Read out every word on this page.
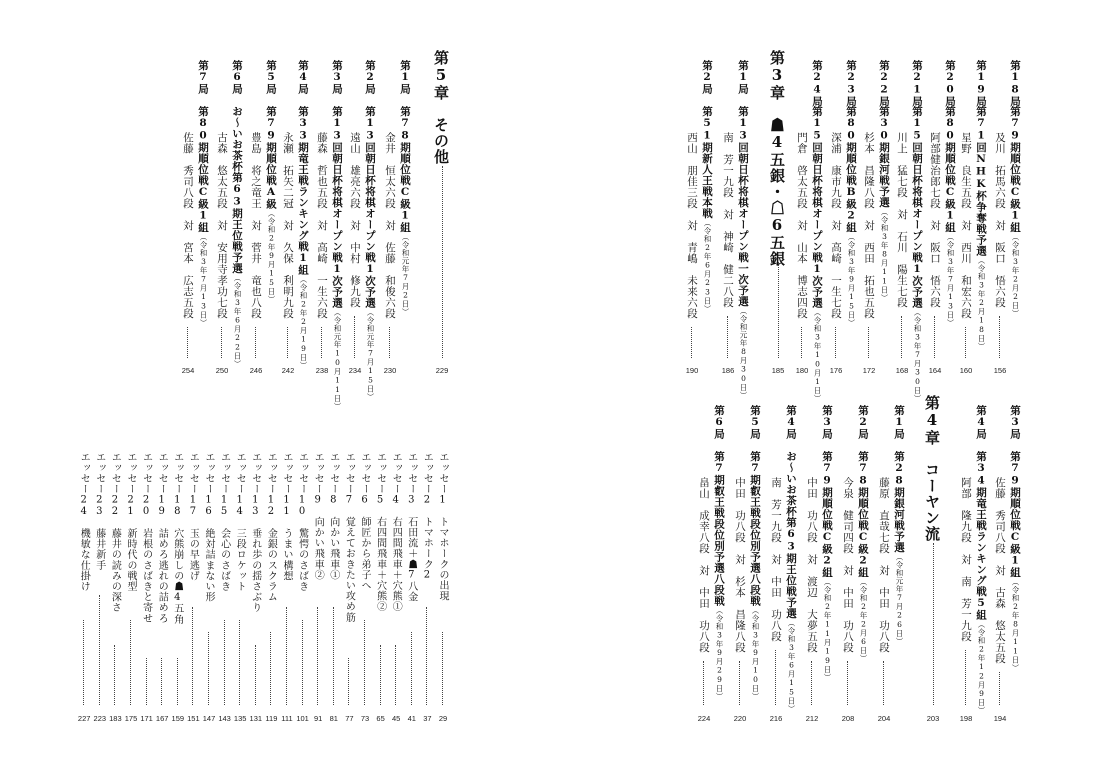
第18局
第79期順位戦C級1組（令和3年2月2日）
及川　拓馬六段　対　阪口　悟六段
156
第19局
第71回NHK杯争奪戦予選（令和3年2月18日）
星野　良生五段　対　西川　和宏六段
160
第20局
第80期順位戦C級1組（令和3年7月13日）
阿部健治郎七段　対　阪口　悟六段
164
第21局
第15回朝日杯将棋オープン戦1次予選（令和3年7月30日）
川上　猛七段　対　石川　陽生七段
168
第22局
第30期銀河戦予選（令和3年8月11日）
杉本　昌隆八段　対　西田　拓也五段
172
第23局
第80期順位戦B級2組（令和3年9月15日）
深浦　康市九段　対　高崎　一生七段
176
第24局
第15回朝日杯将棋オープン戦1次予選（令和3年10月1日）
門倉　啓太五段　対　山本　博志四段
180
第3章　☗4五銀・☖6五銀
185
第1局
第13回朝日杯将棋オープン戦一次予選（令和元年8月30日）
南　芳一九段　対　神崎　健二八段
186
第2局
第51期新人王戦本戦（令和2年6月23日）
西山　朋佳三段　対　青嶋　未来六段
190
第5章　その他
229
第1局
第78期順位戦C級1組（令和元年7月2日）
金井　恒太六段　対　佐藤　和俊六段
230
第2局
第13回朝日杯将棋オープン戦1次予選（令和元年7月15日）
遠山　雄亮六段　対　中村　修九段
234
第3局
第13回朝日杯将棋オープン戦1次予選（令和元年10月11日）
藤森　哲也五段　対　高崎　一生六段
238
第4局
第33期竜王戦ランキング戦1組（令和2年2月19日）
永瀬　拓矢二冠　対　久保　利明九段
242
第5局
第79期順位戦A級（令和2年9月15日）
豊島　将之竜王　対　菅井　竜也八段
246
第6局
お～いお茶杯第63期王位戦予選（令和3年6月22日）
古森　悠太五段　対　安用寺孝功七段
250
第7局
第80期順位戦C級1組（令和3年7月13日）
佐藤　秀司八段　対　宮本　広志五段
254
第3局
第79期順位戦C級1組（令和2年8月11日）
佐藤　秀司八段　対　古森　悠太五段
194
第4局
第34期竜王戦ランキング戦5組（令和2年12月9日）
阿部　隆九段　対　南　芳一九段
198
第4章　コーヤン流
203
第1局
第28期銀河戦予選（令和元年7月26日）
藤原　直哉七段　対　中田　功八段
204
第2局
第78期順位戦C級2組（令和2年2月6日）
今泉　健司四段　対　中田　功八段
208
第3局
第79期順位戦C級2組（令和2年11月19日）
中田　功八段　対　渡辺　大夢五段
212
第4局
お～いお茶杯第63期王位戦予選（令和3年6月15日）
南　芳一九段　対　中田　功八段
216
第5局
第7期叡王戦段位別予選八段戦（令和3年9月10日）
中田　功八段　対　杉本　昌隆八段
220
第6局
第7期叡王戦段位別予選八段戦（令和3年9月29日）
畠山　成幸八段　対　中田　功八段
224
エッセー1　トマホークの出現
29
エッセー2　トマホーク2
37
エッセー3　石田流＋☗7八金
41
エッセー4　右四間飛車＋穴熊①
45
エッセー5　右四間飛車＋穴熊②
65
エッセー6　師匠から弟子へ
73
エッセー7　覚えておきたい攻め筋
77
エッセー8　向かい飛車①
81
エッセー9　向かい飛車②
91
エッセー10　驚愕のさばき
101
エッセー11　うまい構想
111
エッセー12　金銀のスクラム
119
エッセー13　垂れ歩の揺さぶり
131
エッセー14　三段ロケット
135
エッセー15　会心のさばき
143
エッセー16　絶対詰まない形
147
エッセー17　玉の早逃げ
151
エッセー18　穴熊崩しの☗4五角
159
エッセー19　詰めろ逃れの詰めろ
167
エッセー20　岩根のさばきと寄せ
171
エッセー21　新時代の戦型
175
エッセー22　藤井の読みの深さ
183
エッセー23　藤井新手
223
エッセー24　機敏な仕掛け
227
